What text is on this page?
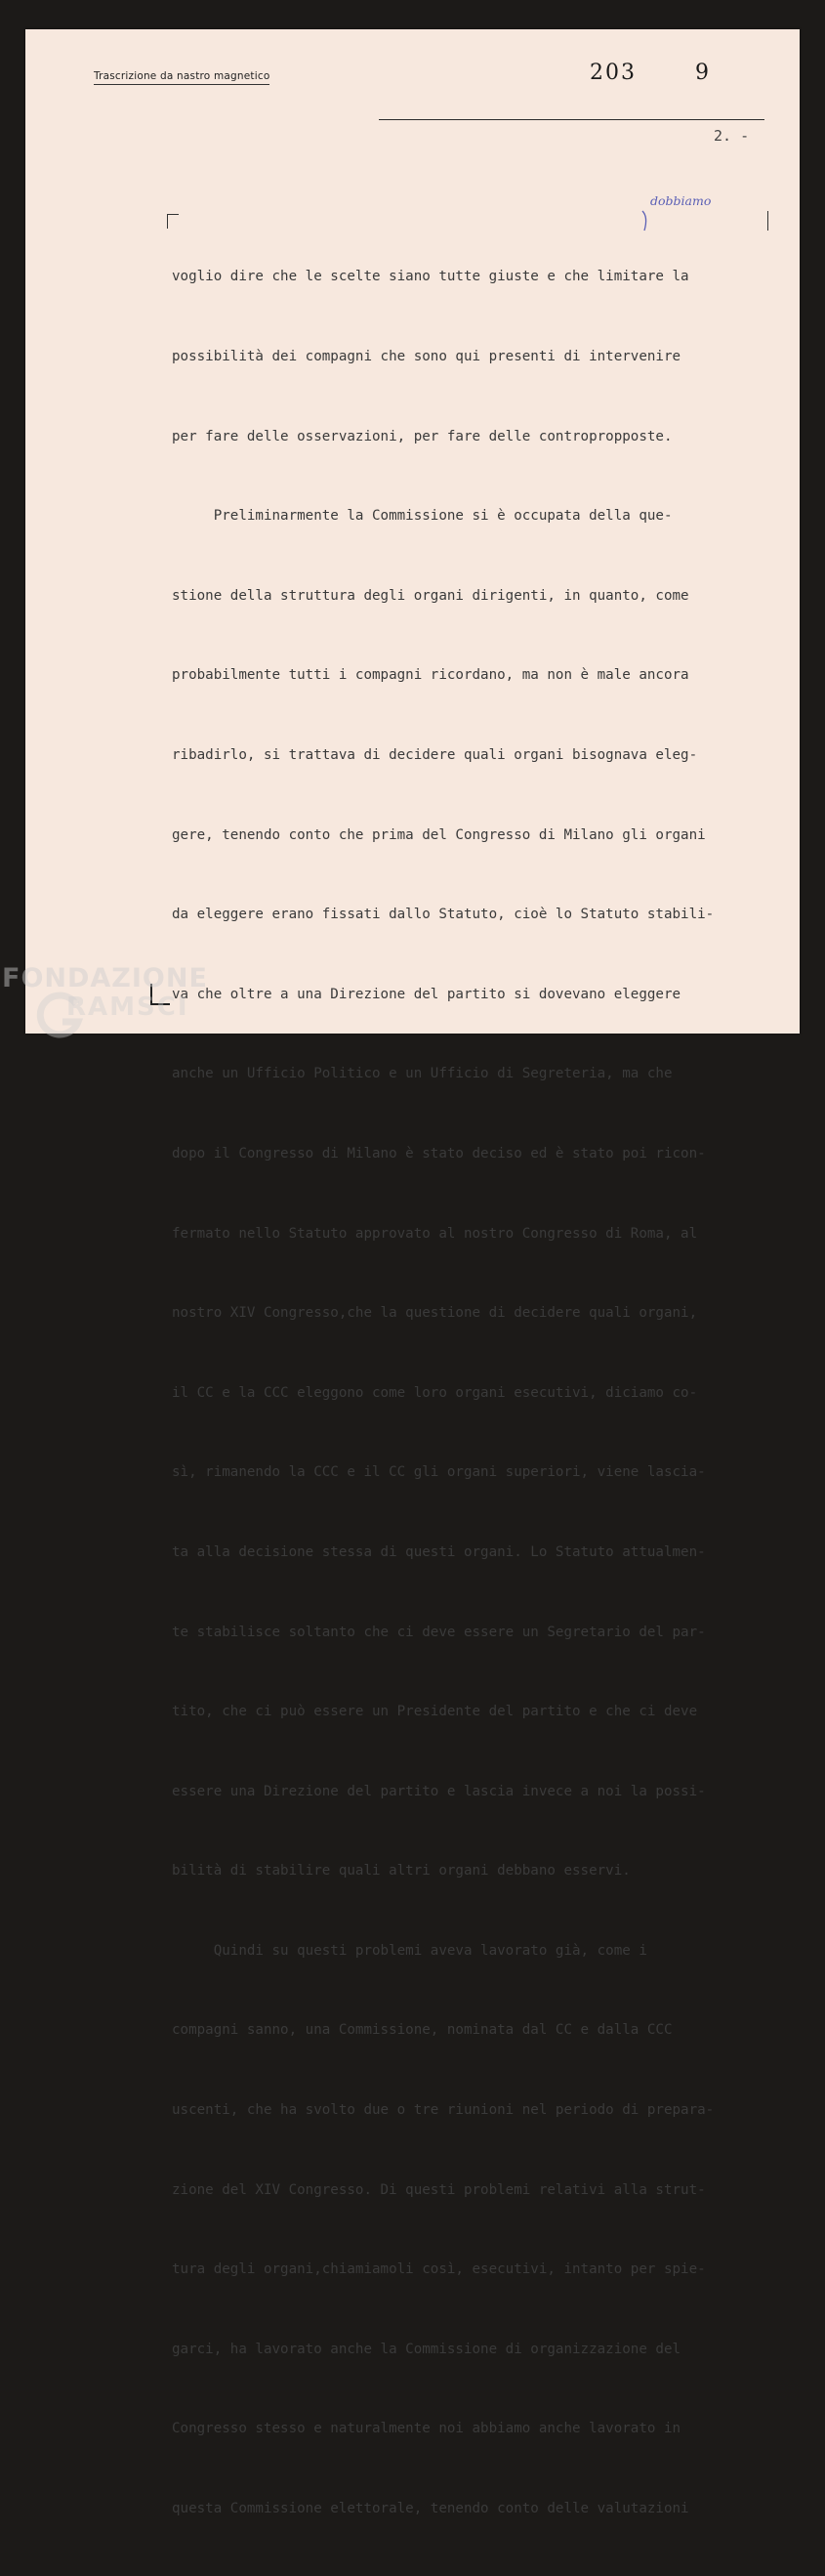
Trascrizione da nastro magnetico	203	9
2. -
dobbiamo

voglio dire che le scelte siano tutte giuste e che limitare la

possibilità dei compagni che sono qui presenti di intervenire

per fare delle osservazioni, per fare delle contropropposte.

Preliminarmente la Commissione si è occupata della que-

stione della struttura degli organi dirigenti, in quanto, come

probabilmente tutti i compagni ricordano, ma non è male ancora

ribadirlo, si trattava di decidere quali organi bisognava eleg-

gere, tenendo conto che prima del Congresso di Milano gli organi

da eleggere erano fissati dallo Statuto, cioè lo Statuto stabili-

va che oltre a una Direzione del partito si dovevano eleggere

anche un Ufficio Politico e un Ufficio di Segreteria, ma che

dopo il Congresso di Milano è stato deciso ed è stato poi ricon-

fermato nello Statuto approvato al nostro Congresso di Roma, al

nostro XIV Congresso,che la questione di decidere quali organi,

il CC e la CCC eleggono come loro organi esecutivi, diciamo co-

sì, rimanendo la CCC e il CC gli organi superiori, viene lascia-

ta alla decisione stessa di questi organi. Lo Statuto attualmen-

te stabilisce soltanto che ci deve essere un Segretario del par-

tito, che ci può essere un Presidente del partito e che ci deve

essere una Direzione del partito e lascia invece a noi la possi-

bilità di stabilire quali altri organi debbano esservi.

Quindi su questi problemi aveva lavorato già, come i

compagni sanno, una Commissione, nominata dal CC e dalla CCC

uscenti, che ha svolto due o tre riunioni nel periodo di prepara-

zione del XIV Congresso. Di questi problemi relativi alla strut-

tura degli organi,chiamiamoli così, esecutivi, intanto per spie-

garci, ha lavorato anche la Commissione di organizzazione del

Congresso stesso e naturalmente noi abbiamo anche lavorato in

questa Commissione elettorale, tenendo conto delle valutazioni

FONDAZIONE
RAMSCI
